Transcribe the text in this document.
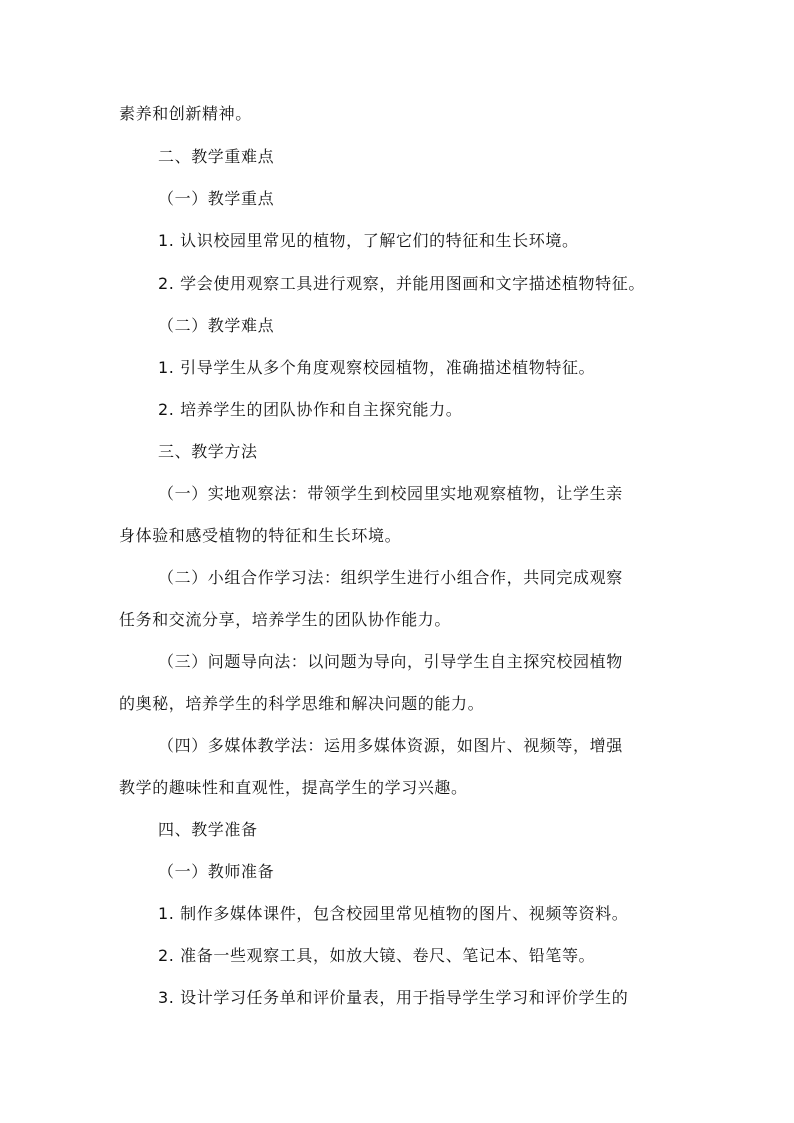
素养和创新精神。
二、教学重难点
（一）教学重点
1. 认识校园里常见的植物，了解它们的特征和生长环境。
2. 学会使用观察工具进行观察，并能用图画和文字描述植物特征。
（二）教学难点
1. 引导学生从多个角度观察校园植物，准确描述植物特征。
2. 培养学生的团队协作和自主探究能力。
三、教学方法
（一）实地观察法：带领学生到校园里实地观察植物，让学生亲
身体验和感受植物的特征和生长环境。
（二）小组合作学习法：组织学生进行小组合作，共同完成观察
任务和交流分享，培养学生的团队协作能力。
（三）问题导向法：以问题为导向，引导学生自主探究校园植物
的奥秘，培养学生的科学思维和解决问题的能力。
（四）多媒体教学法：运用多媒体资源，如图片、视频等，增强
教学的趣味性和直观性，提高学生的学习兴趣。
四、教学准备
（一）教师准备
1. 制作多媒体课件，包含校园里常见植物的图片、视频等资料。
2. 准备一些观察工具，如放大镜、卷尺、笔记本、铅笔等。
3. 设计学习任务单和评价量表，用于指导学生学习和评价学生的
